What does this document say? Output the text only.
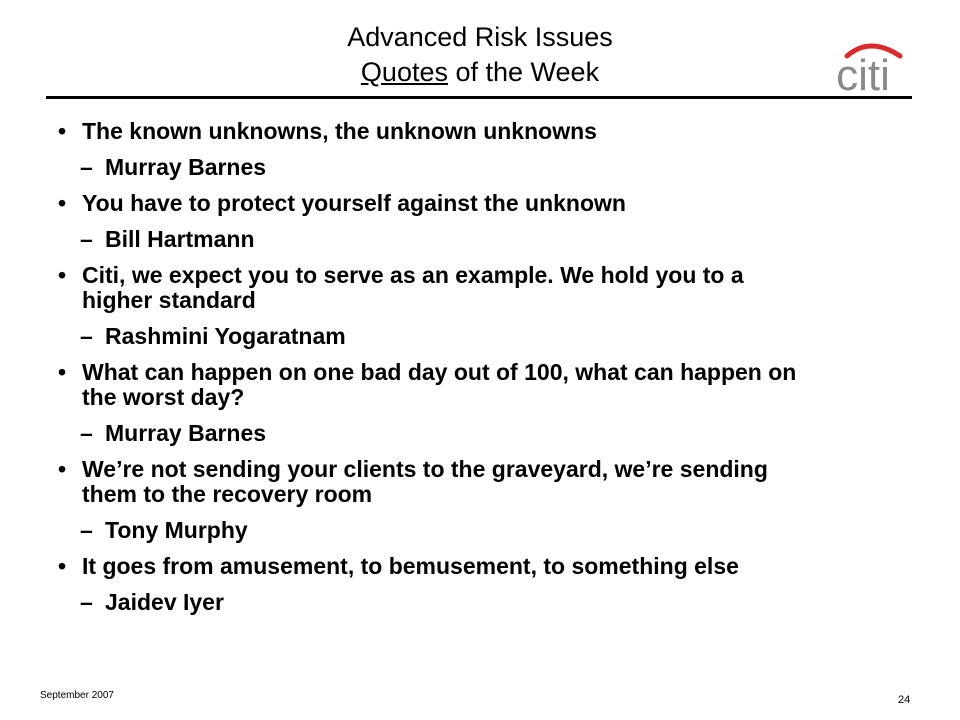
Advanced Risk Issues
Quotes of the Week	citi
• The known unknowns, the unknown unknowns
– Murray Barnes
• You have to protect yourself against the unknown
– Bill Hartmann
• Citi, we expect you to serve as an example. We hold you to a
higher standard
– Rashmini Yogaratnam
• What can happen on one bad day out of 100, what can happen on
the worst day?
– Murray Barnes
• We’re not sending your clients to the graveyard, we’re sending
them to the recovery room
– Tony Murphy
• It goes from amusement, to bemusement, to something else
– Jaidev Iyer
September 2007	24
